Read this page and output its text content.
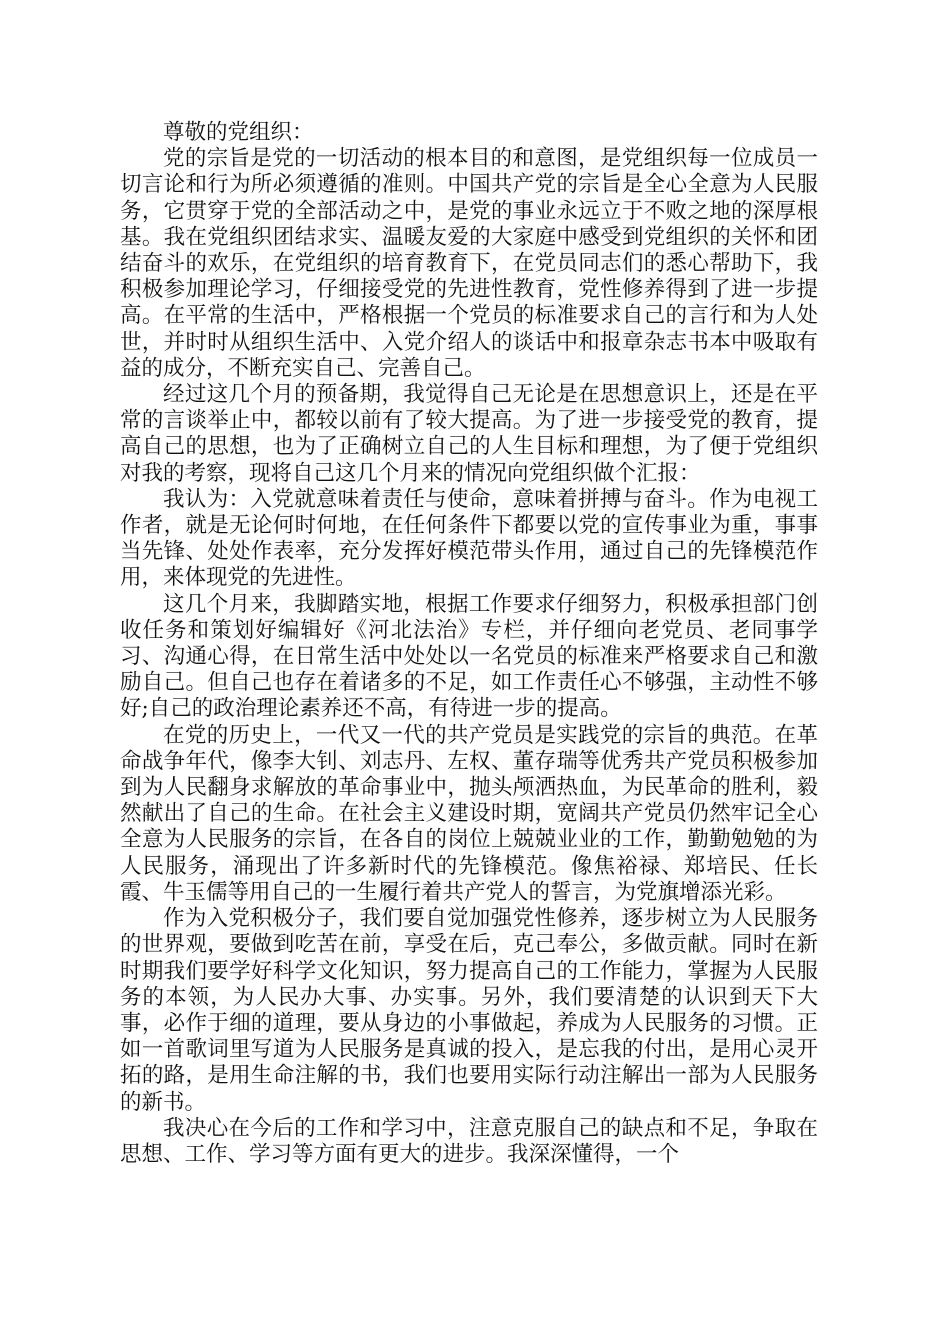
尊敬的党组织：

党的宗旨是党的一切活动的根本目的和意图，是党组织每一位成员一切言论和行为所必须遵循的准则。中国共产党的宗旨是全心全意为人民服务，它贯穿于党的全部活动之中，是党的事业永远立于不败之地的深厚根基。我在党组织团结求实、温暖友爱的大家庭中感受到党组织的关怀和团结奋斗的欢乐，在党组织的培育教育下，在党员同志们的悉心帮助下，我积极参加理论学习，仔细接受党的先进性教育，党性修养得到了进一步提高。在平常的生活中，严格根据一个党员的标准要求自己的言行和为人处世，并时时从组织生活中、入党介绍人的谈话中和报章杂志书本中吸取有益的成分，不断充实自己、完善自己。

经过这几个月的预备期，我觉得自己无论是在思想意识上，还是在平常的言谈举止中，都较以前有了较大提高。为了进一步接受党的教育，提高自己的思想，也为了正确树立自己的人生目标和理想，为了便于党组织对我的考察，现将自己这几个月来的情况向党组织做个汇报：

我认为：入党就意味着责任与使命，意味着拼搏与奋斗。作为电视工作者，就是无论何时何地，在任何条件下都要以党的宣传事业为重，事事当先锋、处处作表率，充分发挥好模范带头作用，通过自己的先锋模范作用，来体现党的先进性。

这几个月来，我脚踏实地，根据工作要求仔细努力，积极承担部门创收任务和策划好编辑好《河北法治》专栏，并仔细向老党员、老同事学习、沟通心得，在日常生活中处处以一名党员的标准来严格要求自己和激励自己。但自己也存在着诸多的不足，如工作责任心不够强，主动性不够好;自己的政治理论素养还不高，有待进一步的提高。

在党的历史上，一代又一代的共产党员是实践党的宗旨的典范。在革命战争年代，像李大钊、刘志丹、左权、董存瑞等优秀共产党员积极参加到为人民翻身求解放的革命事业中，抛头颅洒热血，为民革命的胜利，毅然献出了自己的生命。在社会主义建设时期，宽阔共产党员仍然牢记全心全意为人民服务的宗旨，在各自的岗位上兢兢业业的工作，勤勤勉勉的为人民服务，涌现出了许多新时代的先锋模范。像焦裕禄、郑培民、任长霞、牛玉儒等用自己的一生履行着共产党人的誓言，为党旗增添光彩。

作为入党积极分子，我们要自觉加强党性修养，逐步树立为人民服务的世界观，要做到吃苦在前，享受在后，克己奉公，多做贡献。同时在新时期我们要学好科学文化知识，努力提高自己的工作能力，掌握为人民服务的本领，为人民办大事、办实事。另外，我们要清楚的认识到天下大事，必作于细的道理，要从身边的小事做起，养成为人民服务的习惯。正如一首歌词里写道为人民服务是真诚的投入，是忘我的付出，是用心灵开拓的路，是用生命注解的书，我们也要用实际行动注解出一部为人民服务的新书。

我决心在今后的工作和学习中，注意克服自己的缺点和不足，争取在思想、工作、学习等方面有更大的进步。我深深懂得，一个
